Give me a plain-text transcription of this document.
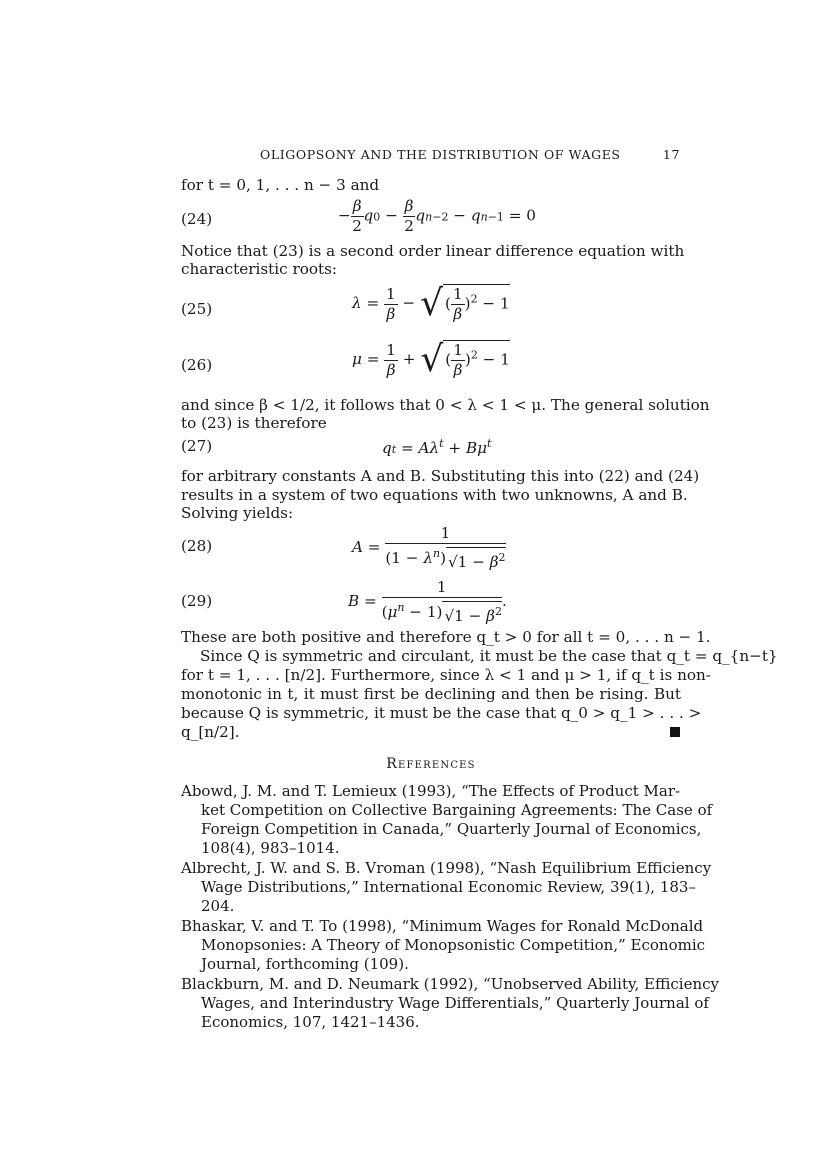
OLIGOPSONY AND THE DISTRIBUTION OF WAGES	17
for t = 0, 1, . . . n − 3 and
(24)	− $\frac{\beta}{2} q0 - \frac{\beta}{2} qn-2 - qn-1 = 0$
Notice that (23) is a second order linear difference equation with
characteristic roots:
(25)	$\lambda = \frac{1}{\beta}$ − √ ( $\frac{1}{\beta} )^2 - 1$
(26)	$\mu = \frac{1}{\beta}$ + √ ( $\frac{1}{\beta} )^2 - 1$
and since β < 1/2, it follows that 0 < λ < 1 < μ. The general solution
to (23) is therefore
(27)	qt = $A\lambda^t + B\mu^t$
for arbitrary constants A and B. Substituting this into (22) and (24)
results in a system of two equations with two unknowns, A and B.
Solving yields:
(28)	$A = \frac{1}{(1 - \lambda^n) √1 - \beta^2}$
(29)	$B = \frac{1}{(\mu^n - 1) √1 - \beta^2}$ .
These are both positive and therefore q_t > 0 for all t = 0, . . . n − 1.
Since Q is symmetric and circulant, it must be the case that q_t = q_{n−t}
for t = 1, . . . [n/2]. Furthermore, since λ < 1 and μ > 1, if q_t is non-
monotonic in t, it must first be declining and then be rising. But
because Q is symmetric, it must be the case that q_0 > q_1 > . . . >
q_[n/2].
References
Abowd, J. M. and T. Lemieux (1993), “The Effects of Product Mar-
ket Competition on Collective Bargaining Agreements: The Case of
Foreign Competition in Canada,” Quarterly Journal of Economics,
108(4), 983–1014.
Albrecht, J. W. and S. B. Vroman (1998), “Nash Equilibrium Efficiency
Wage Distributions,” International Economic Review, 39(1), 183–
204.
Bhaskar, V. and T. To (1998), “Minimum Wages for Ronald McDonald
Monopsonies: A Theory of Monopsonistic Competition,” Economic
Journal, forthcoming (109).
Blackburn, M. and D. Neumark (1992), “Unobserved Ability, Efficiency
Wages, and Interindustry Wage Differentials,” Quarterly Journal of
Economics, 107, 1421–1436.
